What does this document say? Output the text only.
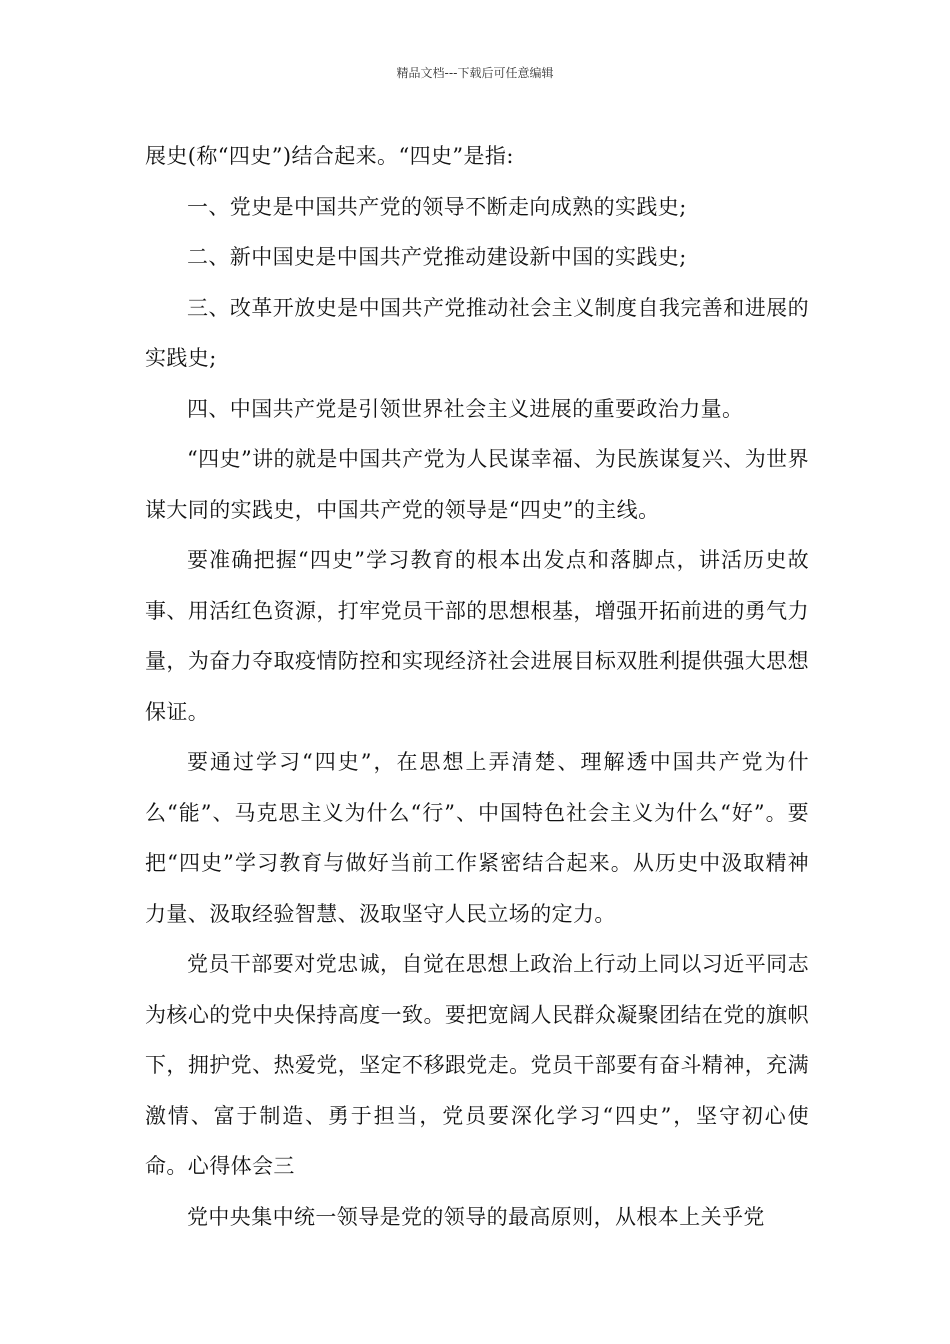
精品文档---下载后可任意编辑

展史(称“四史”)结合起来。“四史”是指:

一、党史是中国共产党的领导不断走向成熟的实践史;

二、新中国史是中国共产党推动建设新中国的实践史;

三、改革开放史是中国共产党推动社会主义制度自我完善和进展的实践史;

四、中国共产党是引领世界社会主义进展的重要政治力量。

“四史”讲的就是中国共产党为人民谋幸福、为民族谋复兴、为世界谋大同的实践史，中国共产党的领导是“四史”的主线。

要准确把握“四史”学习教育的根本出发点和落脚点，讲活历史故事、用活红色资源，打牢党员干部的思想根基，增强开拓前进的勇气力量，为奋力夺取疫情防控和实现经济社会进展目标双胜利提供强大思想保证。

要通过学习“四史”，在思想上弄清楚、理解透中国共产党为什么“能”、马克思主义为什么“行”、中国特色社会主义为什么“好”。要把“四史”学习教育与做好当前工作紧密结合起来。从历史中汲取精神力量、汲取经验智慧、汲取坚守人民立场的定力。

党员干部要对党忠诚，自觉在思想上政治上行动上同以习近平同志为核心的党中央保持高度一致。要把宽阔人民群众凝聚团结在党的旗帜下，拥护党、热爱党，坚定不移跟党走。党员干部要有奋斗精神，充满激情、富于制造、勇于担当，党员要深化学习“四史”，坚守初心使命。心得体会三

党中央集中统一领导是党的领导的最高原则，从根本上关乎党
